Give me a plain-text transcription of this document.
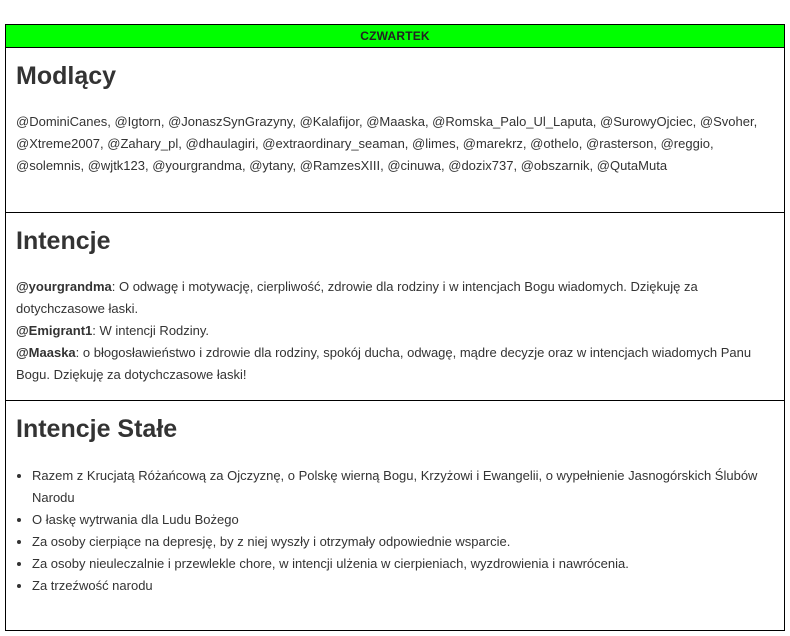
CZWARTEK
Modlący
@DominiCanes, @Igtorn, @JonaszSynGrazyny, @Kalafijor, @Maaska, @Romska_Palo_Ul_Laputa, @SurowyOjciec, @Svoher, @Xtreme2007, @Zahary_pl, @dhaulagiri, @extraordinary_seaman, @limes, @marekrz, @othelo, @rasterson, @reggio, @solemnis, @wjtk123, @yourgrandma, @ytany, @RamzesXIII, @cinuwa, @dozix737, @obszarnik, @QutaMuta
Intencje
@yourgrandma: O odwagę i motywację, cierpliwość, zdrowie dla rodziny i w intencjach Bogu wiadomych. Dziękuję za dotychczasowe łaski.
@Emigrant1: W intencji Rodziny.
@Maaska: o błogosławieństwo i zdrowie dla rodziny, spokój ducha, odwagę, mądre decyzje oraz w intencjach wiadomych Panu Bogu. Dziękuję za dotychczasowe łaski!
Intencje Stałe
• Razem z Krucjatą Różańcową za Ojczyznę, o Polskę wierną Bogu, Krzyżowi i Ewangelii, o wypełnienie Jasnogórskich Ślubów Narodu
• O łaskę wytrwania dla Ludu Bożego
• Za osoby cierpiące na depresję, by z niej wyszły i otrzymały odpowiednie wsparcie.
• Za osoby nieuleczalnie i przewlekle chore, w intencji ulżenia w cierpieniach, wyzdrowienia i nawrócenia.
• Za trzeźwość narodu
